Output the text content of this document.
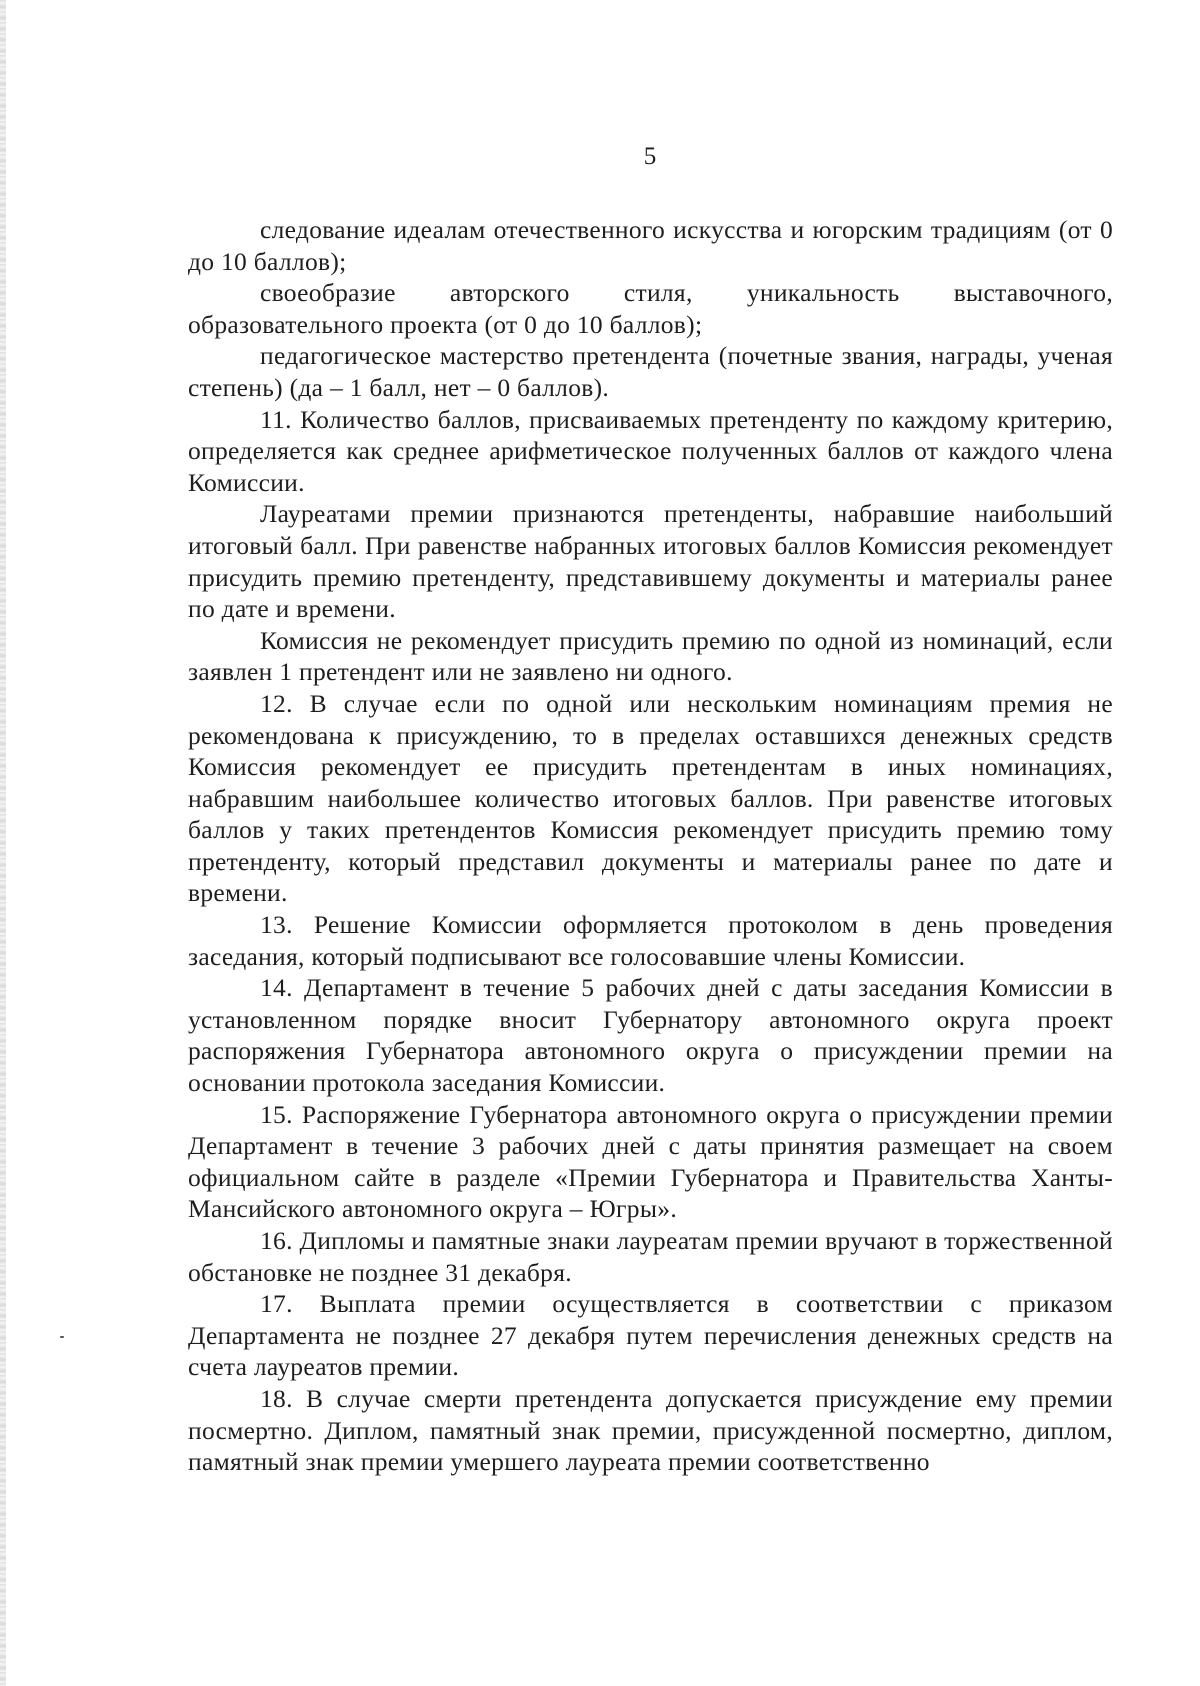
5

следование идеалам отечественного искусства и югорским традициям (от 0 до 10 баллов);

своеобразие авторского стиля, уникальность выставочного, образовательного проекта (от 0 до 10 баллов);

педагогическое мастерство претендента (почетные звания, награды, ученая степень) (да – 1 балл, нет – 0 баллов).

11. Количество баллов, присваиваемых претенденту по каждому критерию, определяется как среднее арифметическое полученных баллов от каждого члена Комиссии.

Лауреатами премии признаются претенденты, набравшие наибольший итоговый балл. При равенстве набранных итоговых баллов Комиссия рекомендует присудить премию претенденту, представившему документы и материалы ранее по дате и времени.

Комиссия не рекомендует присудить премию по одной из номинаций, если заявлен 1 претендент или не заявлено ни одного.

12. В случае если по одной или нескольким номинациям премия не рекомендована к присуждению, то в пределах оставшихся денежных средств Комиссия рекомендует ее присудить претендентам в иных номинациях, набравшим наибольшее количество итоговых баллов. При равенстве итоговых баллов у таких претендентов Комиссия рекомендует присудить премию тому претенденту, который представил документы и материалы ранее по дате и времени.

13. Решение Комиссии оформляется протоколом в день проведения заседания, который подписывают все голосовавшие члены Комиссии.

14. Департамент в течение 5 рабочих дней с даты заседания Комиссии в установленном порядке вносит Губернатору автономного округа проект распоряжения Губернатора автономного округа о присуждении премии на основании протокола заседания Комиссии.

15. Распоряжение Губернатора автономного округа о присуждении премии Департамент в течение 3 рабочих дней с даты принятия размещает на своем официальном сайте в разделе «Премии Губернатора и Правительства Ханты-Мансийского автономного округа – Югры».

16. Дипломы и памятные знаки лауреатам премии вручают в торжественной обстановке не позднее 31 декабря.

17. Выплата премии осуществляется в соответствии с приказом Департамента не позднее 27 декабря путем перечисления денежных средств на счета лауреатов премии.

18. В случае смерти претендента допускается присуждение ему премии посмертно. Диплом, памятный знак премии, присужденной посмертно, диплом, памятный знак премии умершего лауреата премии соответственно
